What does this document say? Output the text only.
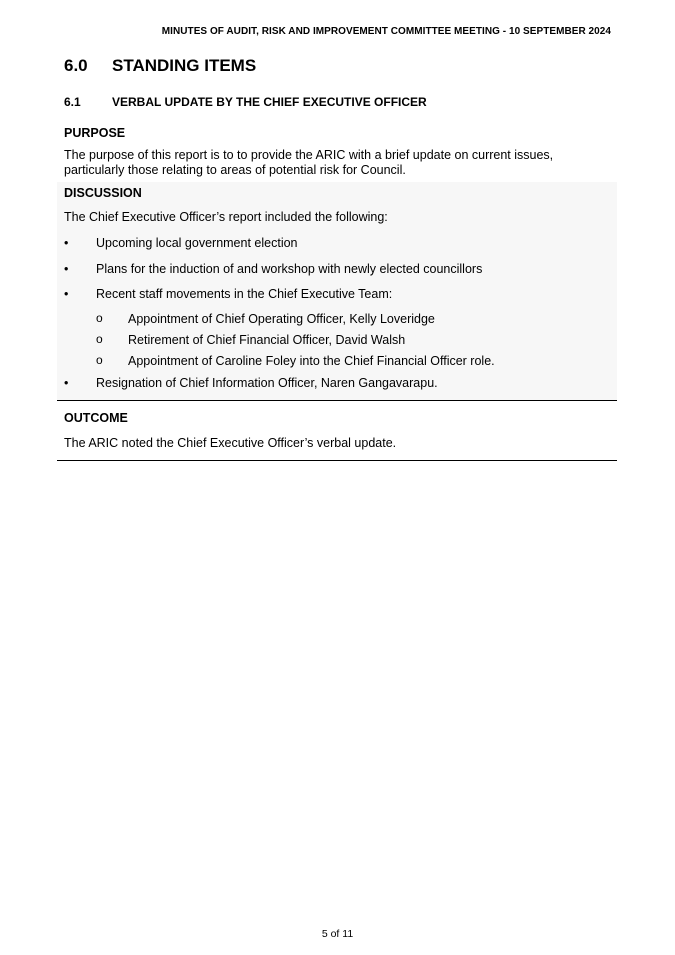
MINUTES OF AUDIT, RISK AND IMPROVEMENT COMMITTEE MEETING - 10 SEPTEMBER 2024
6.0 STANDING ITEMS
6.1	VERBAL UPDATE BY THE CHIEF EXECUTIVE OFFICER
PURPOSE
The purpose of this report is to to provide the ARIC with a brief update on current issues, particularly those relating to areas of potential risk for Council.
DISCUSSION
The Chief Executive Officer’s report included the following:
•	Upcoming local government election
•	Plans for the induction of and workshop with newly elected councillors
•	Recent staff movements in the Chief Executive Team:
o Appointment of Chief Operating Officer, Kelly Loveridge
o Retirement of Chief Financial Officer, David Walsh
o Appointment of Caroline Foley into the Chief Financial Officer role.
•	Resignation of Chief Information Officer, Naren Gangavarapu.
OUTCOME
The ARIC noted the Chief Executive Officer’s verbal update.
5 of 11
